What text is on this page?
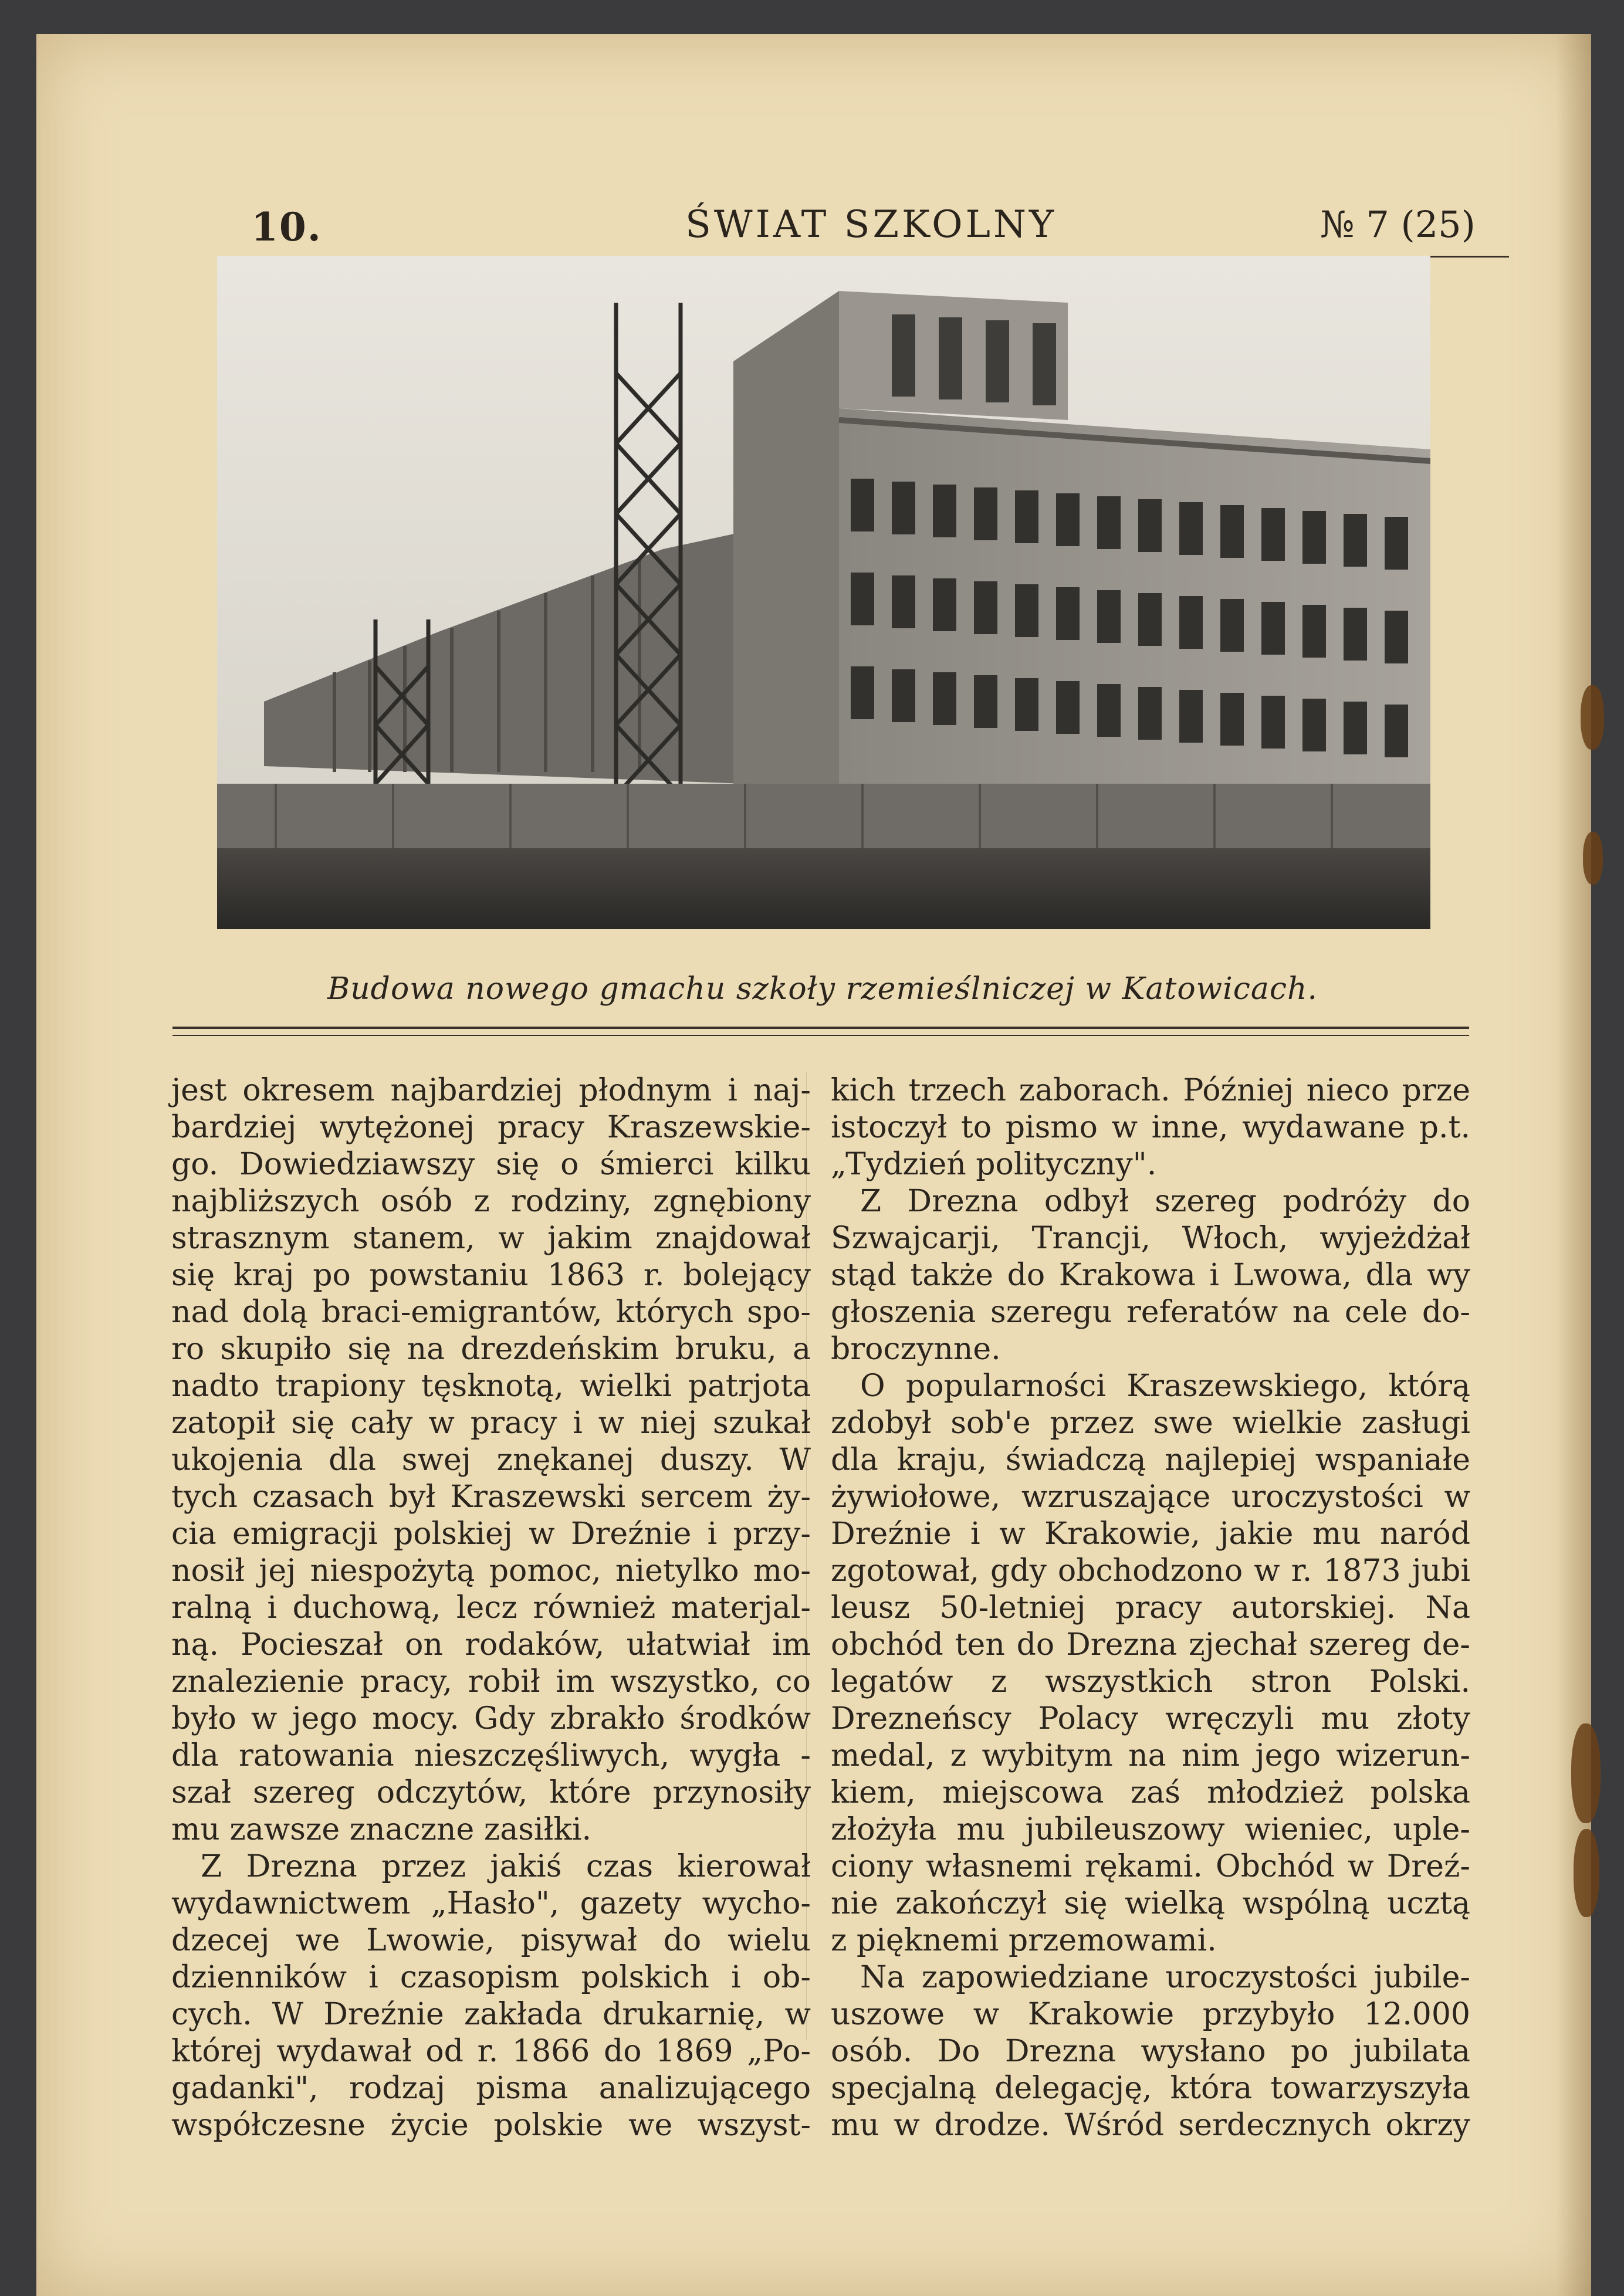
10.	ŚWIAT SZKOLNY	№ 7 (25)
Budowa nowego gmachu szkoły rzemieślniczej w Katowicach.

jest okresem najbardziej płodnym i naj-
bardziej wytężonej pracy Kraszewskie-
go. Dowiedziawszy się o śmierci kilku
najbliższych osób z rodziny, zgnębiony
strasznym stanem, w jakim znajdował
się kraj po powstaniu 1863 r. bolejący
nad dolą braci-emigrantów, których spo-
ro skupiło się na drezdeńskim bruku, a
nadto trapiony tęsknotą, wielki patrjota
zatopił się cały w pracy i w niej szukał
ukojenia dla swej znękanej duszy. W
tych czasach był Kraszewski sercem ży-
cia emigracji polskiej w Dreźnie i przy-
nosił jej niespożytą pomoc, nietylko mo-
ralną i duchową, lecz również materjal-
ną. Pocieszał on rodaków, ułatwiał im
znalezienie pracy, robił im wszystko, co
było w jego mocy. Gdy zbrakło środków
dla ratowania nieszczęśliwych, wygła -
szał szereg odczytów, które przynosiły
mu zawsze znaczne zasiłki.

Z Drezna przez jakiś czas kierował
wydawnictwem „Hasło", gazety wycho-
dzecej we Lwowie, pisywał do wielu
dzienników i czasopism polskich i ob-
cych. W Dreźnie zakłada drukarnię, w
której wydawał od r. 1866 do 1869 „Po-
gadanki", rodzaj pisma analizującego
współczesne życie polskie we wszyst-

kich trzech zaborach. Później nieco prze
istoczył to pismo w inne, wydawane p.t.
„Tydzień polityczny".

Z Drezna odbył szereg podróży do
Szwajcarji, Trancji, Włoch, wyjeżdżał
stąd także do Krakowa i Lwowa, dla wy
głoszenia szeregu referatów na cele do-
broczynne.

O popularności Kraszewskiego, którą
zdobył sob'e przez swe wielkie zasługi
dla kraju, świadczą najlepiej wspaniałe
żywiołowe, wzruszające uroczystości w
Dreźnie i w Krakowie, jakie mu naród
zgotował, gdy obchodzono w r. 1873 jubi
leusz 50-letniej pracy autorskiej. Na
obchód ten do Drezna zjechał szereg de-
legatów z wszystkich stron Polski.
Dreznеńscy Polacy wręczyli mu złoty
medal, z wybitym na nim jego wizerun-
kiem, miejscowa zaś młodzież polska
złożyła mu jubileuszowy wieniec, uple-
ciony własnemi rękami. Obchód w Dreź-
nie zakończył się wielką wspólną ucztą
z pięknemi przemowami.

Na zapowiedziane uroczystości jubile-
uszowe w Krakowie przybyło 12.000
osób. Do Drezna wysłano po jubilata
specjalną delegację, która towarzyszyła
mu w drodze. Wśród serdecznych okrzy
